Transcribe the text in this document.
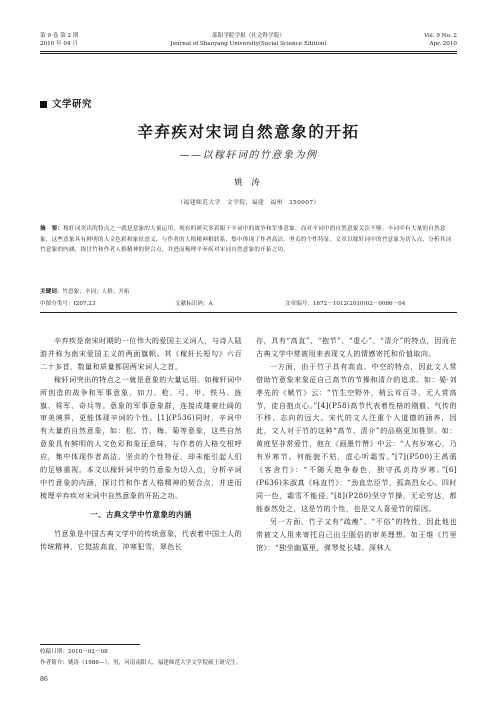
第 9 卷 第 2 期
2010 年 04 月
邵阳学院学报（社会科学版）
Journal of Shaoyang University(Social Science Edition)
Vol. 9 No. 2
Apr. 2010
文学研究
辛弃疾对宋词自然意象的开拓
——以稼轩词的竹意象为例
姚 涛
（福建师范大学　文学院，福建　福州　350007）
摘　要：稼轩词突出的特点之一就是意象的大量运用。现有的研究多着眼于辛词中的战争和军事意象，而对辛词中的自然意象关注不够。辛词中有大量的自然意象，这些意象具有鲜明的人文色彩和象征意义，与作者的人格精神相联系，集中体现了作者高洁、坚贞的个性特征。文章以稼轩词中的竹意象为切入点，分析其词竹意象的内涵，探讨竹和作者人格精神的契合点，并进而梳理辛弃疾对宋词自然意象的开拓之功。
关键词：竹意象；辛词；人格；开拓
中图分类号：I207.23	文献标识码：A	文章编号：1672－1012(2010)02－0086－04

辛弃疾是南宋时期的一位伟大的爱国主义词人，与诗人陆游并称为南宋爱国主义的两面旗帜。其《稼轩长短句》六百二十多首，数量和质量都居两宋词人之首。

稼轩词突出的特点之一就是意象的大量运用。如稼轩词中所创造的战争和军事意象，如刀、枪、弓、甲、铁马、旌旗、将军、奇兵等。意象的军事意象群，连接成雄豪壮阔的审美境界，更能体现辛词的个性。[1](P536)同时，辛词中有大量的自然意象，如：松、竹、梅、菊等意象，这些自然意象具有鲜明的人文色彩和象征意味，与作者的人格交相呼应，集中体现作者高洁、坚贞的个性特征，却未能引起人们的足够重视。本文以稼轩词中的竹意象为切入点，分析辛词中竹意象的内涵，探讨竹和作者人格精神的契合点，并进而梳理辛弃疾对宋词中自然意象的开拓之功。

一、古典文学中竹意象的内涵

竹意象是中国古典文学中的传统意象，代表着中国士人的传统精神，它挺拔高直，冲寒犯雪，翠色长

存，具有“高直”、“抱节”、“虚心”、“清介”的特点，因而在古典文学中常被用来表现文人的情感寄托和价值取向。

一方面，由于竹子具有高直、中空的特点，因此文人常借助竹意象来象征自己高节的节操和清介的追求。如：晏·刘孝先的《赋竹》云：“竹生空野外，梢云耸百寻，无人赏高节，徒自抱贞心。”[4](P58)高节代表着性格的刚毅、气传的不移、志向的远大。宋代的文人注重个人道德的涵养，因此，文人对于竹的这种“高节、清介”的品格更加推崇。如：黄庭坚非常爱竹，他在《画墨竹赞》中云：“人有岁寒心，乃有岁寒节。何能貌不枯，虚心听霜雪。”[7](P500)王禹偁《客舍竹》：“不随夭艳争春色，独守孤贞待岁寒。”[6](P636)朱淑真《咏直竹》：“劲直忠臣节，孤高烈女心。四时同一色，霜雪不能侵。”[8](P280)坚守节操，无论穷达，都能泰然处之，这是竹的个性，也是文人喜爱竹的原因。

另一方面，竹子又有“疏瘦”、“不俗”的特性，因此他也常被文人用来寄托自己出尘脱俗的审美理想。如王维《竹里馆》：“独坐幽篁里，弹琴复长啸。深林人

收稿日期：2010－02－08
作者简介：姚涛（1986—），男，河南南阳人，福建师范大学文学院硕士研究生。
86
